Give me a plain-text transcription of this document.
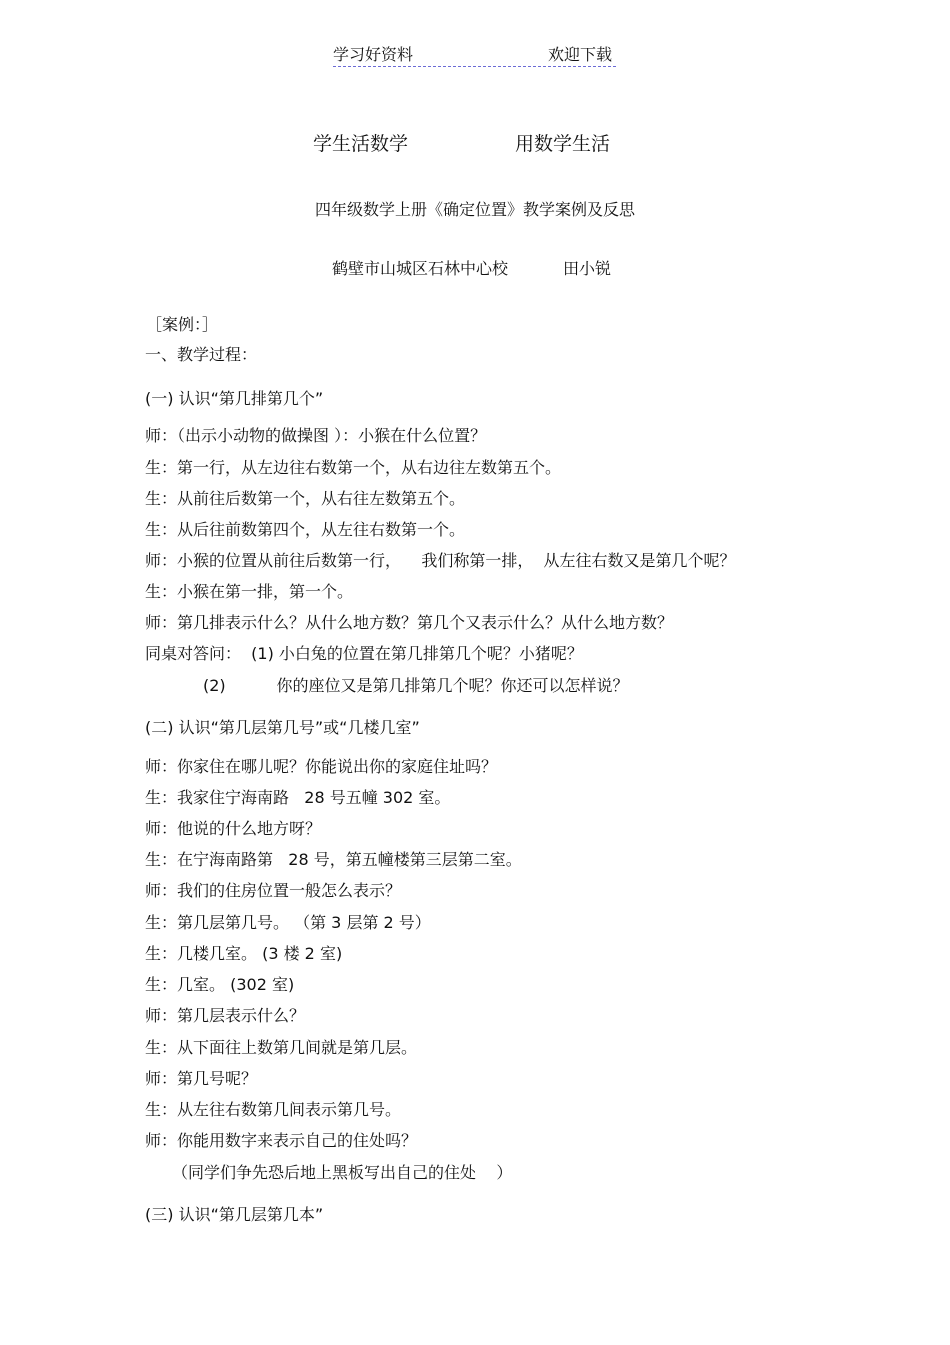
学习好资料	欢迎下载
学生活数学	用数学生活
四年级数学上册《确定位置》教学案例及反思
鹤壁市山城区石林中心校	田小锐
［案例：］
一、教学过程：
(一) 认识“第几排第几个”
师：（出示小动物的做操图 ）：小猴在什么位置？
生：第一行，从左边往右数第一个，从右边往左数第五个。
生：从前往后数第一个，从右往左数第五个。
生：从后往前数第四个，从左往右数第一个。
师：小猴的位置从前往后数第一行，    我们称第一排，  从左往右数又是第几个呢？
生：小猴在第一排，第一个。
师：第几排表示什么？从什么地方数？第几个又表示什么？从什么地方数？
同桌对答问：  (1) 小白兔的位置在第几排第几个呢？小猪呢？
(2)          你的座位又是第几排第几个呢？你还可以怎样说？
(二) 认识“第几层第几号”或“几楼几室”
师：你家住在哪儿呢？你能说出你的家庭住址吗？
生：我家住宁海南路   28 号五幢 302 室。
师：他说的什么地方呀？
生：在宁海南路第   28 号，第五幢楼第三层第二室。
师：我们的住房位置一般怎么表示？
生：第几层第几号。 （第 3 层第 2 号）
生：几楼几室。 (3 楼 2 室)
生：几室。 (302 室)
师：第几层表示什么？
生：从下面往上数第几间就是第几层。
师：第几号呢？
生：从左往右数第几间表示第几号。
师：你能用数字来表示自己的住处吗？
（同学们争先恐后地上黑板写出自己的住处    ）
(三) 认识“第几层第几本”
